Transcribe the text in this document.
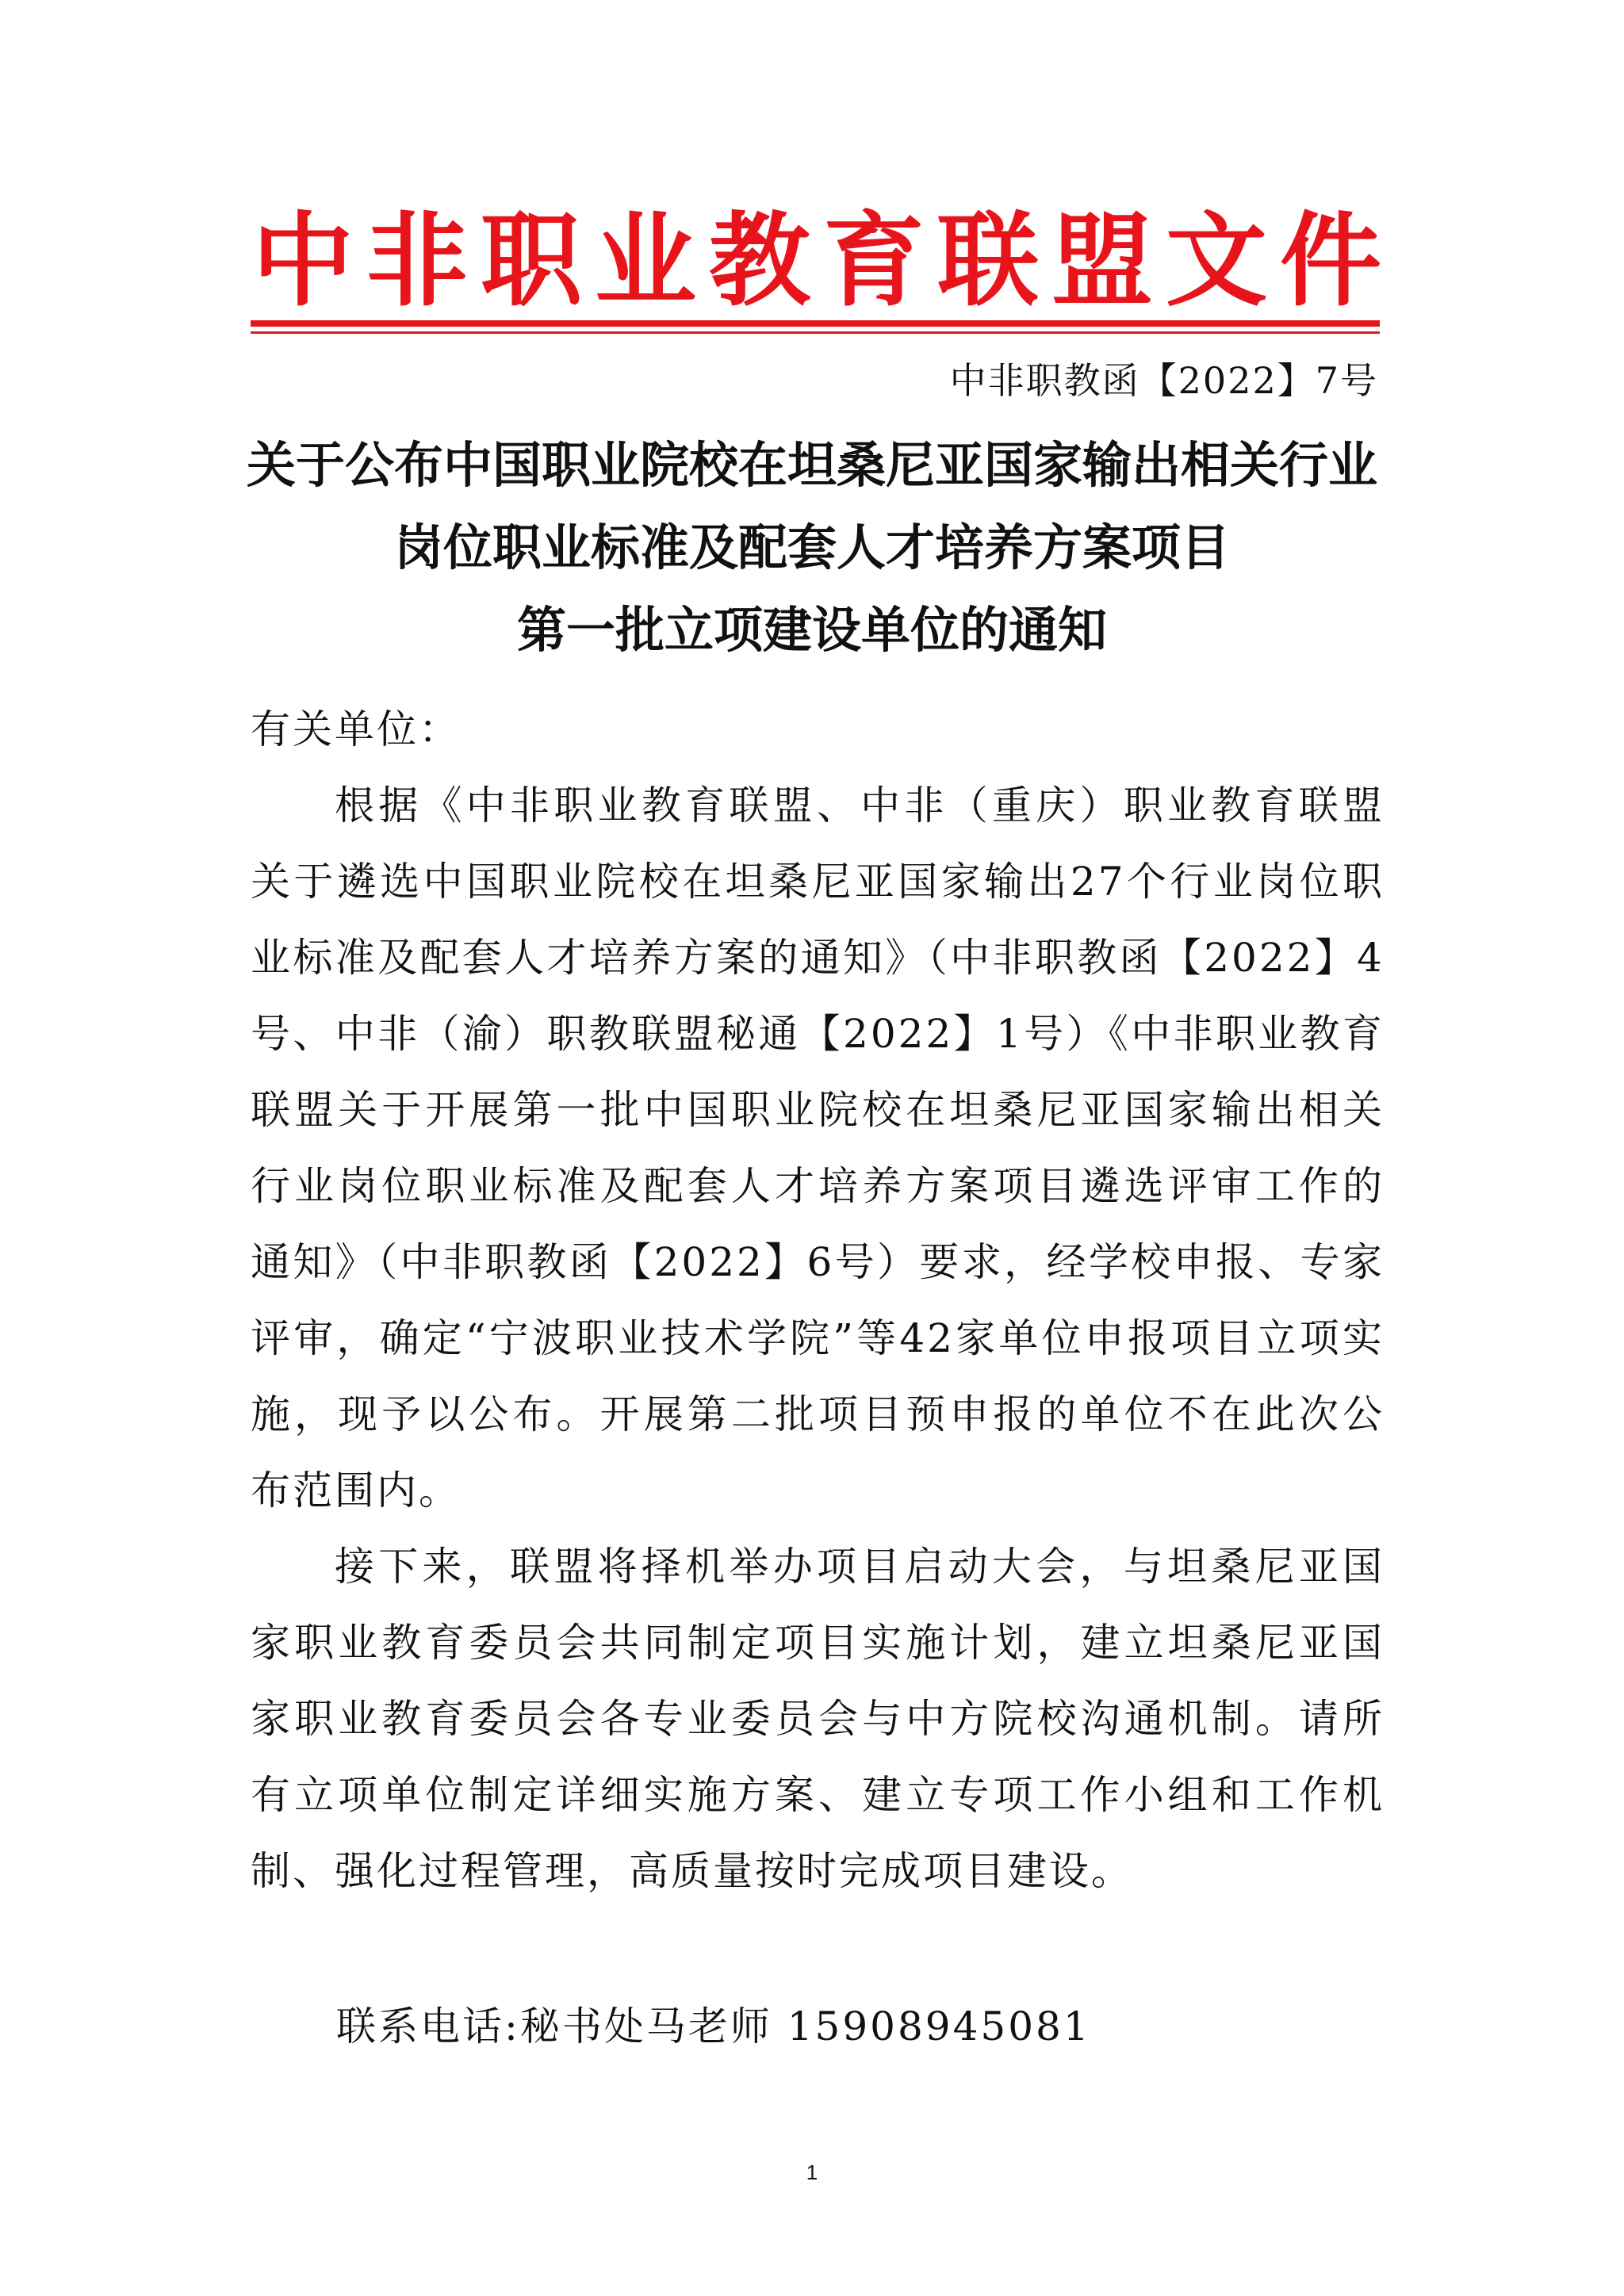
中非职业教育联盟文件
中非职教函【2022】7号
关于公布中国职业院校在坦桑尼亚国家输出相关行业
岗位职业标准及配套人才培养方案项目
第一批立项建设单位的通知

有关单位：

根据《中非职业教育联盟、中非（重庆）职业教育联盟关于遴选中国职业院校在坦桑尼亚国家输出27个行业岗位职业标准及配套人才培养方案的通知》（中非职教函【2022】4号、中非（渝）职教联盟秘通【2022】1号）《中非职业教育联盟关于开展第一批中国职业院校在坦桑尼亚国家输出相关行业岗位职业标准及配套人才培养方案项目遴选评审工作的通知》（中非职教函【2022】6号）要求，经学校申报、专家评审，确定“宁波职业技术学院”等42家单位申报项目立项实施，现予以公布。开展第二批项目预申报的单位不在此次公布范围内。

接下来，联盟将择机举办项目启动大会，与坦桑尼亚国家职业教育委员会共同制定项目实施计划，建立坦桑尼亚国家职业教育委员会各专业委员会与中方院校沟通机制。请所有立项单位制定详细实施方案、建立专项工作小组和工作机制、强化过程管理，高质量按时完成项目建设。

联系电话:秘书处马老师 15908945081
1
